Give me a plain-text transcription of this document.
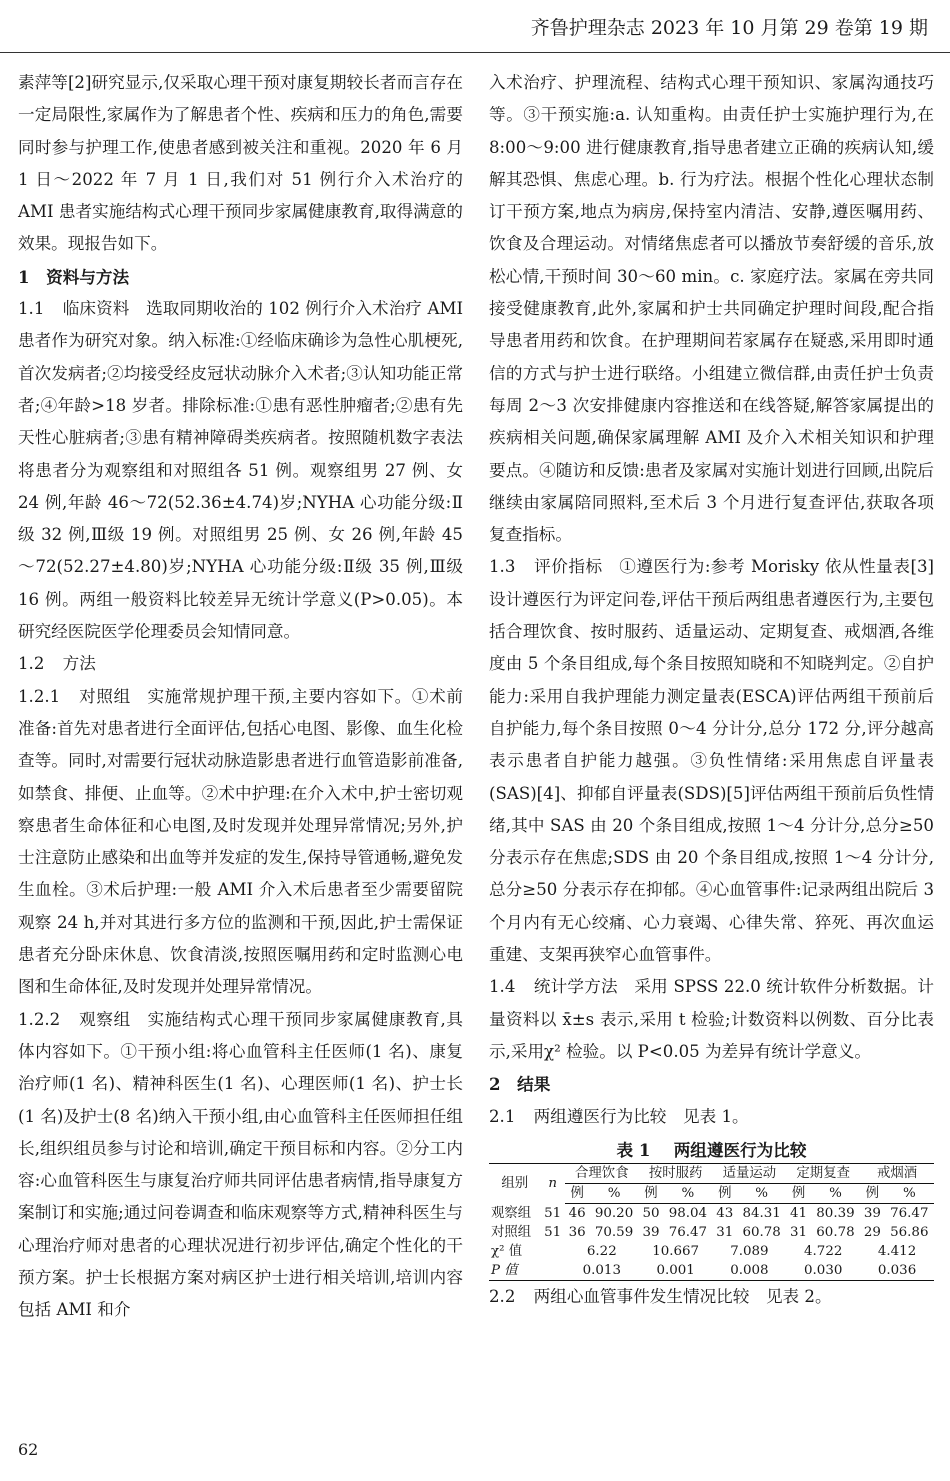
齐鲁护理杂志 2023 年 10 月第 29 卷第 19 期

素萍等[2]研究显示,仅采取心理干预对康复期较长者而言存在一定局限性,家属作为了解患者个性、疾病和压力的角色,需要同时参与护理工作,使患者感到被关注和重视。2020 年 6 月 1 日～2022 年 7 月 1 日,我们对 51 例行介入术治疗的 AMI 患者实施结构式心理干预同步家属健康教育,取得满意的效果。现报告如下。

1 资料与方法

1.1 临床资料 选取同期收治的 102 例行介入术治疗 AMI 患者作为研究对象。纳入标准:①经临床确诊为急性心肌梗死,首次发病者;②均接受经皮冠状动脉介入术者;③认知功能正常者;④年龄>18 岁者。排除标准:①患有恶性肿瘤者;②患有先天性心脏病者;③患有精神障碍类疾病者。按照随机数字表法将患者分为观察组和对照组各 51 例。观察组男 27 例、女 24 例,年龄 46～72(52.36±4.74)岁;NYHA 心功能分级:Ⅱ级 32 例,Ⅲ级 19 例。对照组男 25 例、女 26 例,年龄 45～72(52.27±4.80)岁;NYHA 心功能分级:Ⅱ级 35 例,Ⅲ级 16 例。两组一般资料比较差异无统计学意义(P>0.05)。本研究经医院医学伦理委员会知情同意。

1.2 方法

1.2.1 对照组 实施常规护理干预,主要内容如下。①术前准备:首先对患者进行全面评估,包括心电图、影像、血生化检查等。同时,对需要行冠状动脉造影患者进行血管造影前准备,如禁食、排便、止血等。②术中护理:在介入术中,护士密切观察患者生命体征和心电图,及时发现并处理异常情况;另外,护士注意防止感染和出血等并发症的发生,保持导管通畅,避免发生血栓。③术后护理:一般 AMI 介入术后患者至少需要留院观察 24 h,并对其进行多方位的监测和干预,因此,护士需保证患者充分卧床休息、饮食清淡,按照医嘱用药和定时监测心电图和生命体征,及时发现并处理异常情况。

1.2.2 观察组 实施结构式心理干预同步家属健康教育,具体内容如下。①干预小组:将心血管科主任医师(1 名)、康复治疗师(1 名)、精神科医生(1 名)、心理医师(1 名)、护士长(1 名)及护士(8 名)纳入干预小组,由心血管科主任医师担任组长,组织组员参与讨论和培训,确定干预目标和内容。②分工内容:心血管科医生与康复治疗师共同评估患者病情,指导康复方案制订和实施;通过问卷调查和临床观察等方式,精神科医生与心理治疗师对患者的心理状况进行初步评估,确定个性化的干预方案。护士长根据方案对病区护士进行相关培训,培训内容包括 AMI 和介

入术治疗、护理流程、结构式心理干预知识、家属沟通技巧等。③干预实施:a. 认知重构。由责任护士实施护理行为,在 8:00～9:00 进行健康教育,指导患者建立正确的疾病认知,缓解其恐惧、焦虑心理。b. 行为疗法。根据个性化心理状态制订干预方案,地点为病房,保持室内清洁、安静,遵医嘱用药、饮食及合理运动。对情绪焦虑者可以播放节奏舒缓的音乐,放松心情,干预时间 30～60 min。c. 家庭疗法。家属在旁共同接受健康教育,此外,家属和护士共同确定护理时间段,配合指导患者用药和饮食。在护理期间若家属存在疑惑,采用即时通信的方式与护士进行联络。小组建立微信群,由责任护士负责每周 2～3 次安排健康内容推送和在线答疑,解答家属提出的疾病相关问题,确保家属理解 AMI 及介入术相关知识和护理要点。④随访和反馈:患者及家属对实施计划进行回顾,出院后继续由家属陪同照料,至术后 3 个月进行复查评估,获取各项复查指标。

1.3 评价指标 ①遵医行为:参考 Morisky 依从性量表[3]设计遵医行为评定问卷,评估干预后两组患者遵医行为,主要包括合理饮食、按时服药、适量运动、定期复查、戒烟酒,各维度由 5 个条目组成,每个条目按照知晓和不知晓判定。②自护能力:采用自我护理能力测定量表(ESCA)评估两组干预前后自护能力,每个条目按照 0～4 分计分,总分 172 分,评分越高表示患者自护能力越强。③负性情绪:采用焦虑自评量表(SAS)[4]、抑郁自评量表(SDS)[5]评估两组干预前后负性情绪,其中 SAS 由 20 个条目组成,按照 1～4 分计分,总分≥50 分表示存在焦虑;SDS 由 20 个条目组成,按照 1～4 分计分,总分≥50 分表示存在抑郁。④心血管事件:记录两组出院后 3 个月内有无心绞痛、心力衰竭、心律失常、猝死、再次血运重建、支架再狭窄心血管事件。

1.4 统计学方法 采用 SPSS 22.0 统计软件分析数据。计量资料以 x̄±s 表示,采用 t 检验;计数资料以例数、百分比表示,采用χ² 检验。以 P<0.05 为差异有统计学意义。

2 结果

2.1 两组遵医行为比较 见表 1。

表 1 两组遵医行为比较
组别	n	合理饮食		按时服药		适量运动		定期复查		戒烟酒	
		例	%	例	%	例	%	例	%	例	%
观察组	51	46	90.20	50	98.04	43	84.31	41	80.39	39	76.47
对照组	51	36	70.59	39	76.47	31	60.78	31	60.78	29	56.86
χ² 值		6.22		10.667		7.089		4.722		4.412	
P 值		0.013		0.001		0.008		0.030		0.036	

2.2 两组心血管事件发生情况比较 见表 2。

62
